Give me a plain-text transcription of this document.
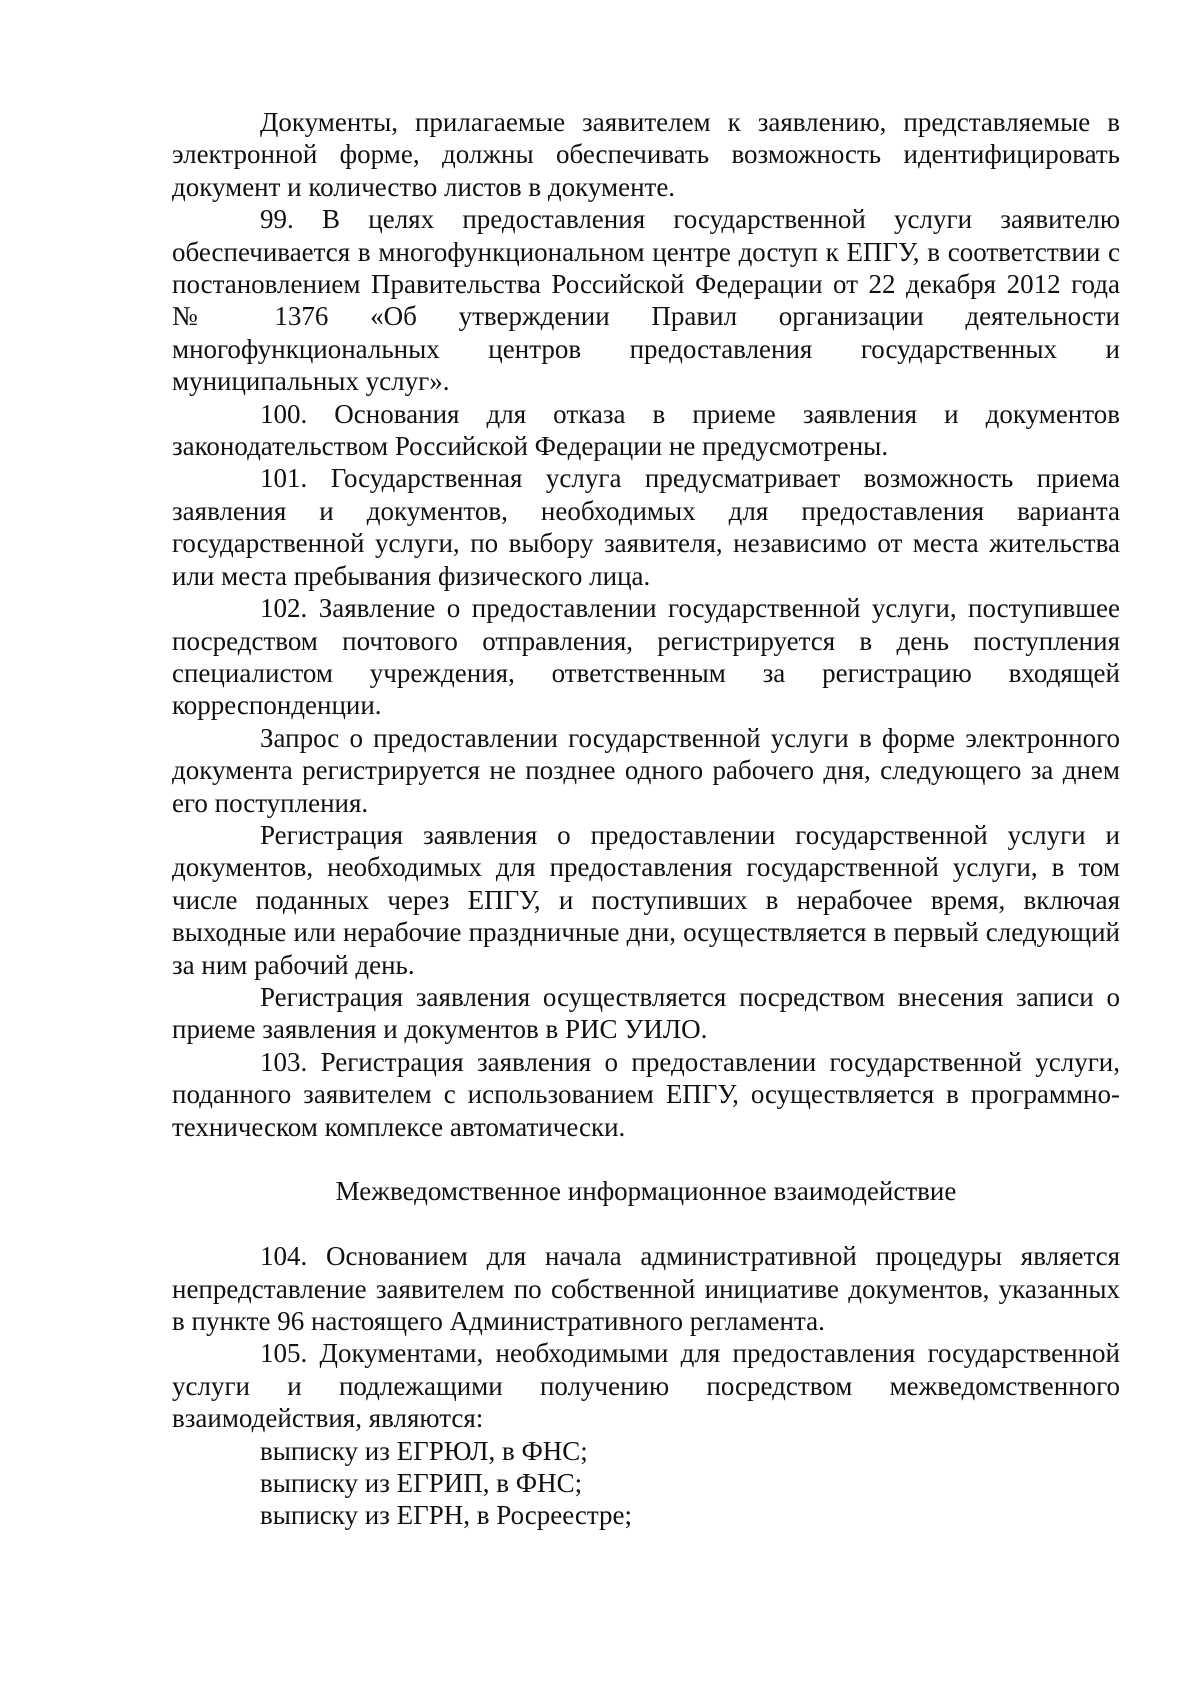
Документы, прилагаемые заявителем к заявлению, представляемые в электронной форме, должны обеспечивать возможность идентифицировать документ и количество листов в документе.

99. В целях предоставления государственной услуги заявителю обеспечивается в многофункциональном центре доступ к ЕПГУ, в соответствии с постановлением Правительства Российской Федерации от 22 декабря 2012 года № 1376 «Об утверждении Правил организации деятельности многофункциональных центров предоставления государственных и муниципальных услуг».

100. Основания для отказа в приеме заявления и документов законодательством Российской Федерации не предусмотрены.

101. Государственная услуга предусматривает возможность приема заявления и документов, необходимых для предоставления варианта государственной услуги, по выбору заявителя, независимо от места жительства или места пребывания физического лица.

102. Заявление о предоставлении государственной услуги, поступившее посредством почтового отправления, регистрируется в день поступления специалистом учреждения, ответственным за регистрацию входящей корреспонденции.

Запрос о предоставлении государственной услуги в форме электронного документа регистрируется не позднее одного рабочего дня, следующего за днем его поступления.

Регистрация заявления о предоставлении государственной услуги и документов, необходимых для предоставления государственной услуги, в том числе поданных через ЕПГУ, и поступивших в нерабочее время, включая выходные или нерабочие праздничные дни, осуществляется в первый следующий за ним рабочий день.

Регистрация заявления осуществляется посредством внесения записи о приеме заявления и документов в РИС УИЛО.

103. Регистрация заявления о предоставлении государственной услуги, поданного заявителем с использованием ЕПГУ, осуществляется в программно-техническом комплексе автоматически.

Межведомственное информационное взаимодействие

104. Основанием для начала административной процедуры является непредставление заявителем по собственной инициативе документов, указанных в пункте 96 настоящего Административного регламента.

105. Документами, необходимыми для предоставления государственной услуги и подлежащими получению посредством межведомственного взаимодействия, являются:

выписку из ЕГРЮЛ, в ФНС;

выписку из ЕГРИП, в ФНС;

выписку из ЕГРН, в Росреестре;
